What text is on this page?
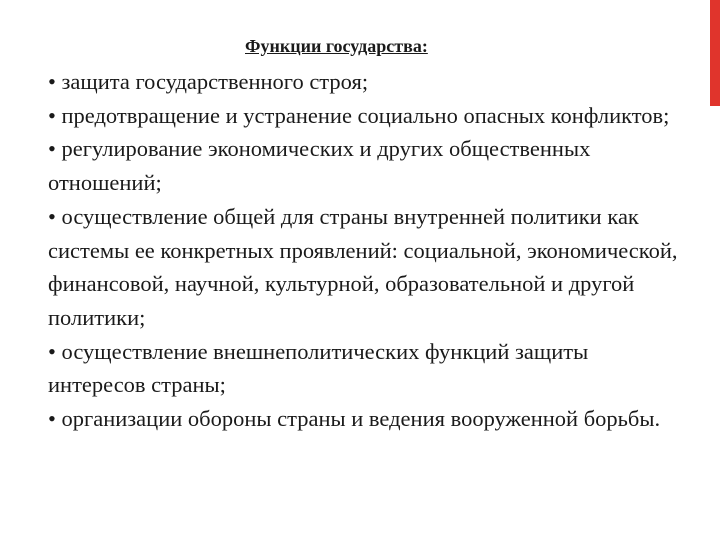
Функции государства:
• защита государственного строя;
• предотвращение и устранение социально опасных конфликтов;
• регулирование экономических и других общественных отношений;
• осуществление общей для страны внутренней политики как системы ее конкретных проявлений: социальной, экономической, финансовой, научной, культурной, образовательной и другой политики;
• осуществление внешнеполитических функций защиты интересов страны;
• организации обороны страны и ведения вооруженной борьбы.
